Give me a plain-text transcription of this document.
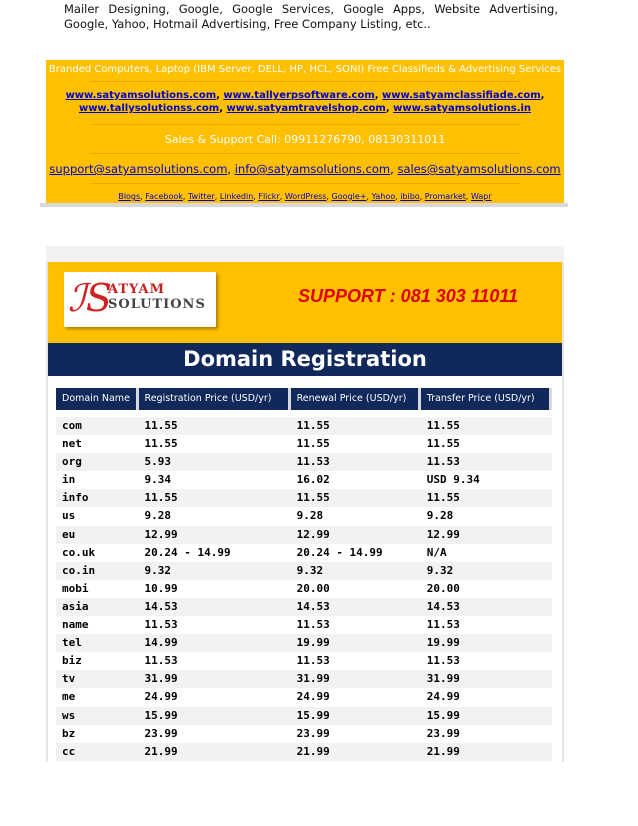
Mailer Designing, Google, Google Services, Google Apps, Website Advertising, Google, Yahoo, Hotmail Advertising, Free Company Listing, etc..
Branded Computers, Laptop (IBM Server, DELL, HP, HCL, SONI) Free Classifieds & Advertising Services
www.satyamsolutions.com, www.tallyerpsoftware.com, www.satyamclassifiade.com,
www.tallysolutionss.com, www.satyamtravelshop.com, www.satyamsolutions.in
Sales & Support Call: 09911276790, 08130311011
support@satyamsolutions.com, info@satyamsolutions.com, sales@satyamsolutions.com
Blogs, Facebook, Twitter, Linkedin, Flickr, WordPress, Google+, Yahoo, ibibo, Promarket, Wapr
ℐS
ATYAM
SOLUTIONS	SUPPORT : 081 303 11011
Domain Registration
Domain Name	Registration Price (USD/yr)	Renewal Price (USD/yr)	Transfer Price (USD/yr)
com	11.55	11.55	11.55
net	11.55	11.55	11.55
org	5.93	11.53	11.53
in	9.34	16.02	USD 9.34
info	11.55	11.55	11.55
us	9.28	9.28	9.28
eu	12.99	12.99	12.99
co.uk	20.24 - 14.99	20.24 - 14.99	N/A
co.in	9.32	9.32	9.32
mobi	10.99	20.00	20.00
asia	14.53	14.53	14.53
name	11.53	11.53	11.53
tel	14.99	19.99	19.99
biz	11.53	11.53	11.53
tv	31.99	31.99	31.99
me	24.99	24.99	24.99
ws	15.99	15.99	15.99
bz	23.99	23.99	23.99
cc	21.99	21.99	21.99
